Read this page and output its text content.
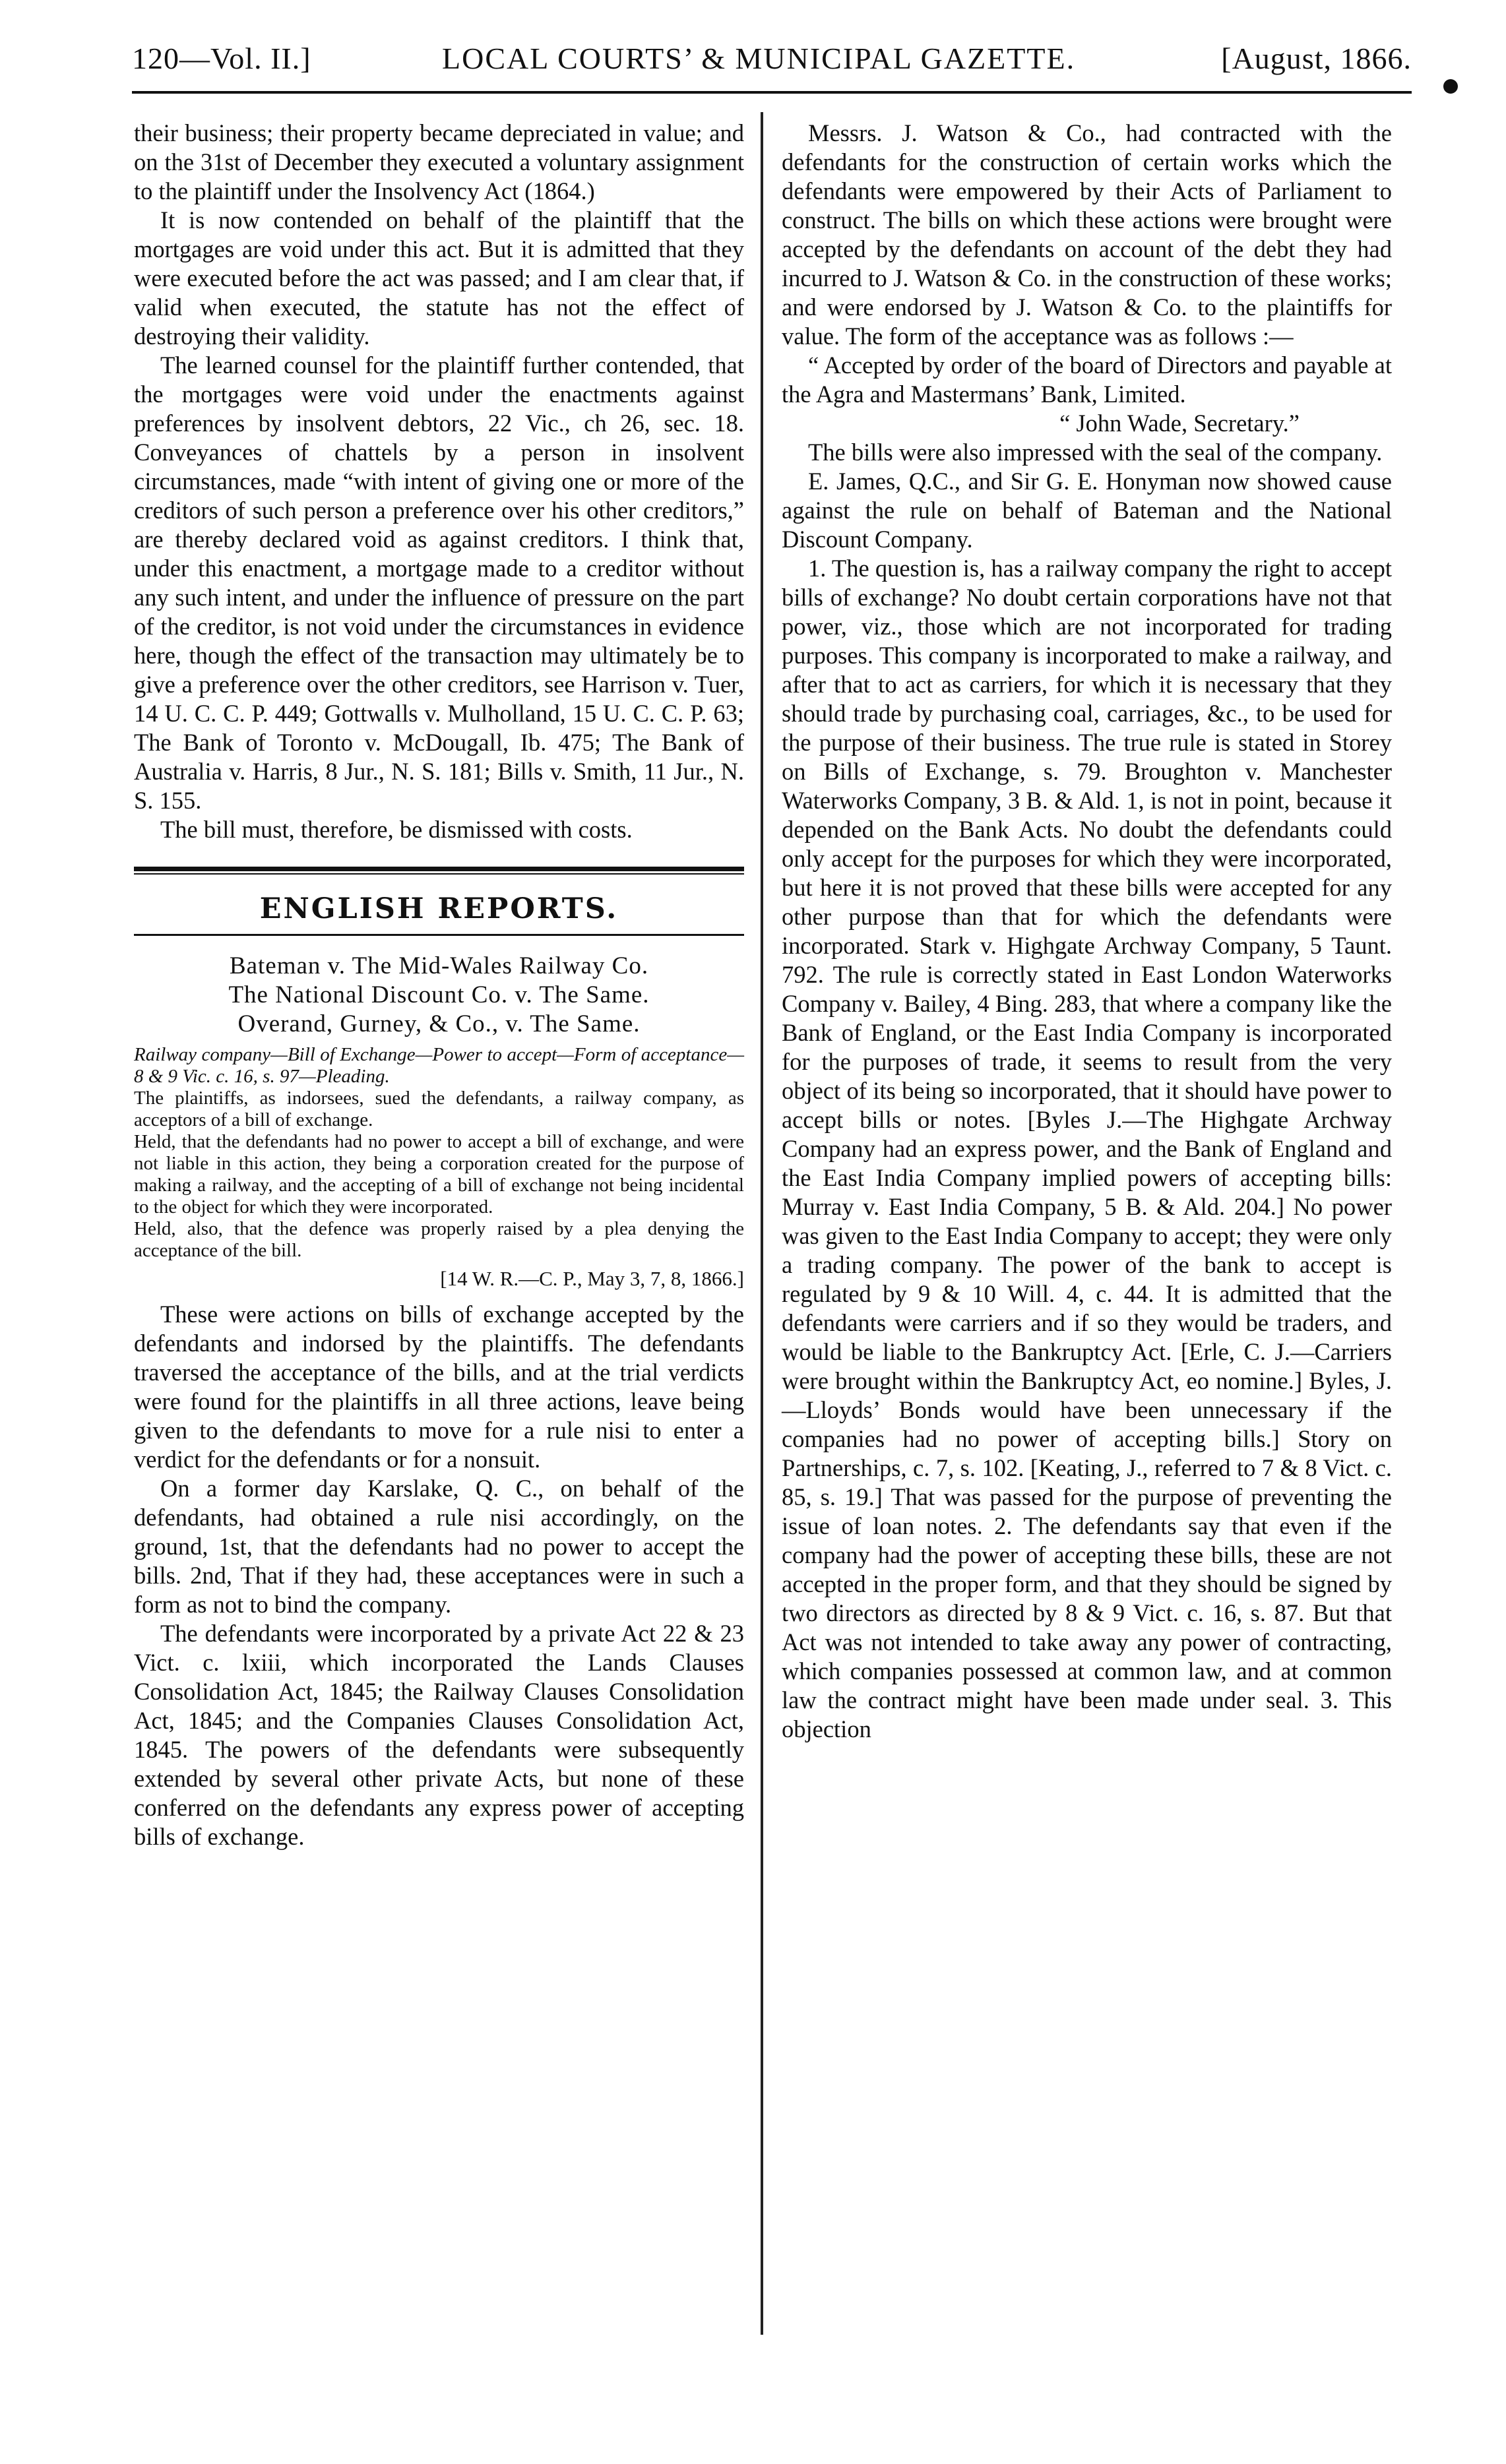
120—Vol. II.]	LOCAL COURTS’ & MUNICIPAL GAZETTE.	[August, 1866.

their business; their property became depreciated in value; and on the 31st of December they executed a voluntary assignment to the plaintiff under the Insolvency Act (1864.)

It is now contended on behalf of the plaintiff that the mortgages are void under this act. But it is admitted that they were executed before the act was passed; and I am clear that, if valid when executed, the statute has not the effect of destroying their validity.

The learned counsel for the plaintiff further contended, that the mortgages were void under the enactments against preferences by insolvent debtors, 22 Vic., ch 26, sec. 18. Conveyances of chattels by a person in insolvent circumstances, made “with intent of giving one or more of the creditors of such person a preference over his other creditors,” are thereby declared void as against creditors. I think that, under this enactment, a mortgage made to a creditor without any such intent, and under the influence of pressure on the part of the creditor, is not void under the circumstances in evidence here, though the effect of the transaction may ultimately be to give a preference over the other creditors, see Harrison v. Tuer, 14 U. C. C. P. 449; Gottwalls v. Mulholland, 15 U. C. C. P. 63; The Bank of Toronto v. McDougall, Ib. 475; The Bank of Australia v. Harris, 8 Jur., N. S. 181; Bills v. Smith, 11 Jur., N. S. 155.

The bill must, therefore, be dismissed with costs.

ENGLISH REPORTS.

Bateman v. The Mid-Wales Railway Co.

The National Discount Co. v. The Same.

Overand, Gurney, & Co., v. The Same.

Railway company—Bill of Exchange—Power to accept—Form of acceptance—8 & 9 Vic. c. 16, s. 97—Pleading.

The plaintiffs, as indorsees, sued the defendants, a railway company, as acceptors of a bill of exchange.

Held, that the defendants had no power to accept a bill of exchange, and were not liable in this action, they being a corporation created for the purpose of making a railway, and the accepting of a bill of exchange not being incidental to the object for which they were incorporated.

Held, also, that the defence was properly raised by a plea denying the acceptance of the bill.

[14 W. R.—C. P., May 3, 7, 8, 1866.]

These were actions on bills of exchange accepted by the defendants and indorsed by the plaintiffs. The defendants traversed the acceptance of the bills, and at the trial verdicts were found for the plaintiffs in all three actions, leave being given to the defendants to move for a rule nisi to enter a verdict for the defendants or for a nonsuit.

On a former day Karslake, Q. C., on behalf of the defendants, had obtained a rule nisi accordingly, on the ground, 1st, that the defendants had no power to accept the bills. 2nd, That if they had, these acceptances were in such a form as not to bind the company.

The defendants were incorporated by a private Act 22 & 23 Vict. c. lxiii, which incorporated the Lands Clauses Consolidation Act, 1845; the Railway Clauses Consolidation Act, 1845; and the Companies Clauses Consolidation Act, 1845. The powers of the defendants were subsequently extended by several other private Acts, but none of these conferred on the defendants any express power of accepting bills of exchange.

Messrs. J. Watson & Co., had contracted with the defendants for the construction of certain works which the defendants were empowered by their Acts of Parliament to construct. The bills on which these actions were brought were accepted by the defendants on account of the debt they had incurred to J. Watson & Co. in the construction of these works; and were endorsed by J. Watson & Co. to the plaintiffs for value. The form of the acceptance was as follows :—

“ Accepted by order of the board of Directors and payable at the Agra and Mastermans’ Bank, Limited.

“ John Wade, Secretary.”

The bills were also impressed with the seal of the company.

E. James, Q.C., and Sir G. E. Honyman now showed cause against the rule on behalf of Bateman and the National Discount Company.

1. The question is, has a railway company the right to accept bills of exchange? No doubt certain corporations have not that power, viz., those which are not incorporated for trading purposes. This company is incorporated to make a railway, and after that to act as carriers, for which it is necessary that they should trade by purchasing coal, carriages, &c., to be used for the purpose of their business. The true rule is stated in Storey on Bills of Exchange, s. 79. Broughton v. Manchester Waterworks Company, 3 B. & Ald. 1, is not in point, because it depended on the Bank Acts. No doubt the defendants could only accept for the purposes for which they were incorporated, but here it is not proved that these bills were accepted for any other purpose than that for which the defendants were incorporated. Stark v. Highgate Archway Company, 5 Taunt. 792. The rule is correctly stated in East London Waterworks Company v. Bailey, 4 Bing. 283, that where a company like the Bank of England, or the East India Company is incorporated for the purposes of trade, it seems to result from the very object of its being so incorporated, that it should have power to accept bills or notes. [Byles J.—The Highgate Archway Company had an express power, and the Bank of England and the East India Company implied powers of accepting bills: Murray v. East India Company, 5 B. & Ald. 204.] No power was given to the East India Company to accept; they were only a trading company. The power of the bank to accept is regulated by 9 & 10 Will. 4, c. 44. It is admitted that the defendants were carriers and if so they would be traders, and would be liable to the Bankruptcy Act. [Erle, C. J.—Carriers were brought within the Bankruptcy Act, eo nomine.] Byles, J.—Lloyds’ Bonds would have been unnecessary if the companies had no power of accepting bills.] Story on Partnerships, c. 7, s. 102. [Keating, J., referred to 7 & 8 Vict. c. 85, s. 19.] That was passed for the purpose of preventing the issue of loan notes. 2. The defendants say that even if the company had the power of accepting these bills, these are not accepted in the proper form, and that they should be signed by two directors as directed by 8 & 9 Vict. c. 16, s. 87. But that Act was not intended to take away any power of contracting, which companies possessed at common law, and at common law the contract might have been made under seal. 3. This objection
